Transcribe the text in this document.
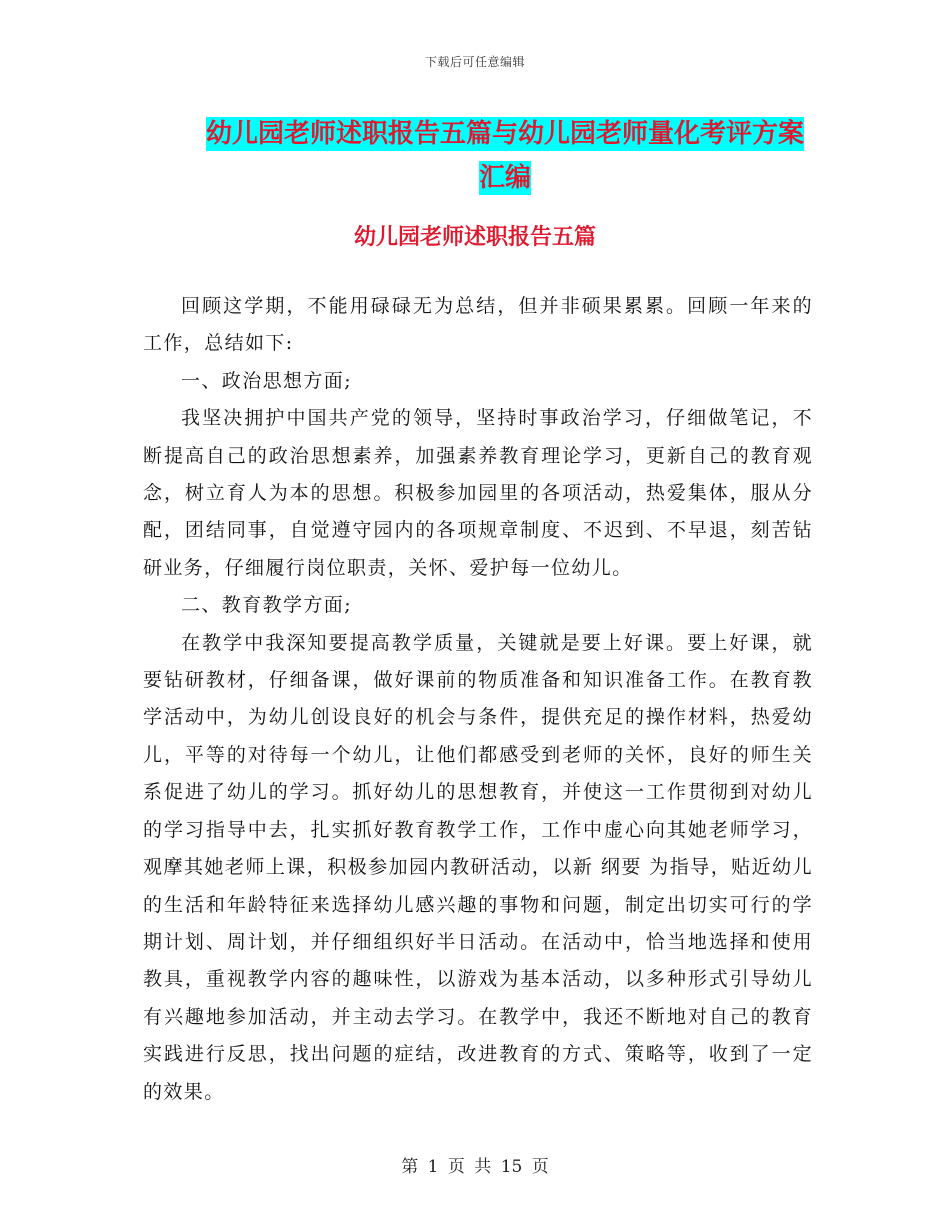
下载后可任意编辑
幼儿园老师述职报告五篇与幼儿园老师量化考评方案
汇编
幼儿园老师述职报告五篇

回顾这学期，不能用碌碌无为总结，但并非硕果累累。回顾一年来的工作，总结如下:

一、政治思想方面;

我坚决拥护中国共产党的领导，坚持时事政治学习，仔细做笔记，不断提高自己的政治思想素养，加强素养教育理论学习，更新自己的教育观念，树立育人为本的思想。积极参加园里的各项活动，热爱集体，服从分配，团结同事，自觉遵守园内的各项规章制度、不迟到、不早退，刻苦钻研业务，仔细履行岗位职责，关怀、爱护每一位幼儿。

二、教育教学方面;

在教学中我深知要提高教学质量，关键就是要上好课。要上好课，就要钻研教材，仔细备课，做好课前的物质准备和知识准备工作。在教育教学活动中，为幼儿创设良好的机会与条件，提供充足的操作材料，热爱幼儿，平等的对待每一个幼儿，让他们都感受到老师的关怀，良好的师生关系促进了幼儿的学习。抓好幼儿的思想教育，并使这一工作贯彻到对幼儿的学习指导中去，扎实抓好教育教学工作，工作中虚心向其她老师学习，观摩其她老师上课，积极参加园内教研活动，以新 纲要 为指导，贴近幼儿的生活和年龄特征来选择幼儿感兴趣的事物和问题，制定出切实可行的学期计划、周计划，并仔细组织好半日活动。在活动中，恰当地选择和使用教具，重视教学内容的趣味性，以游戏为基本活动，以多种形式引导幼儿有兴趣地参加活动，并主动去学习。在教学中，我还不断地对自己的教育实践进行反思，找出问题的症结，改进教育的方式、策略等，收到了一定的效果。

第 1 页 共 15 页
